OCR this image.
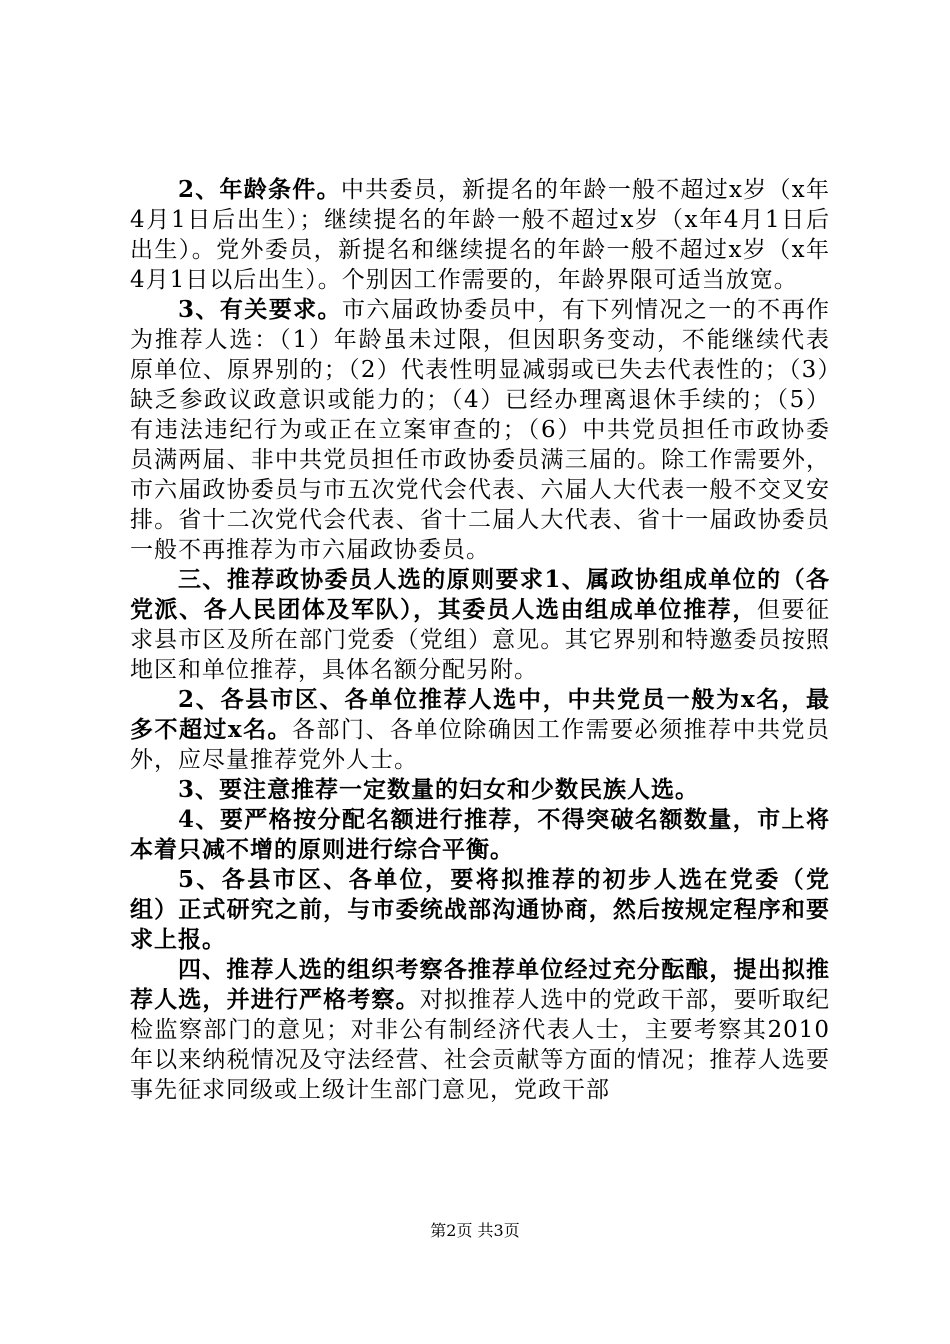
2、年龄条件。中共委员，新提名的年龄一般不超过x岁（x年4月1日后出生）；继续提名的年龄一般不超过x岁（x年4月1日后出生）。党外委员，新提名和继续提名的年龄一般不超过x岁（x年4月1日以后出生）。个别因工作需要的，年龄界限可适当放宽。

3、有关要求。市六届政协委员中，有下列情况之一的不再作为推荐人选：（1）年龄虽未过限，但因职务变动，不能继续代表原单位、原界别的；（2）代表性明显减弱或已失去代表性的；（3）缺乏参政议政意识或能力的；（4）已经办理离退休手续的；（5）有违法违纪行为或正在立案审查的；（6）中共党员担任市政协委员满两届、非中共党员担任市政协委员满三届的。除工作需要外，市六届政协委员与市五次党代会代表、六届人大代表一般不交叉安排。省十二次党代会代表、省十二届人大代表、省十一届政协委员一般不再推荐为市六届政协委员。

三、推荐政协委员人选的原则要求1、属政协组成单位的（各党派、各人民团体及军队），其委员人选由组成单位推荐，但要征求县市区及所在部门党委（党组）意见。其它界别和特邀委员按照地区和单位推荐，具体名额分配另附。

2、各县市区、各单位推荐人选中，中共党员一般为x名，最多不超过x名。各部门、各单位除确因工作需要必须推荐中共党员外，应尽量推荐党外人士。

3、要注意推荐一定数量的妇女和少数民族人选。

4、要严格按分配名额进行推荐，不得突破名额数量，市上将本着只减不增的原则进行综合平衡。

5、各县市区、各单位，要将拟推荐的初步人选在党委（党组）正式研究之前，与市委统战部沟通协商，然后按规定程序和要求上报。

四、推荐人选的组织考察各推荐单位经过充分酝酿，提出拟推荐人选，并进行严格考察。对拟推荐人选中的党政干部，要听取纪检监察部门的意见；对非公有制经济代表人士，主要考察其2010年以来纳税情况及守法经营、社会贡献等方面的情况；推荐人选要事先征求同级或上级计生部门意见，党政干部

第2页 共3页
